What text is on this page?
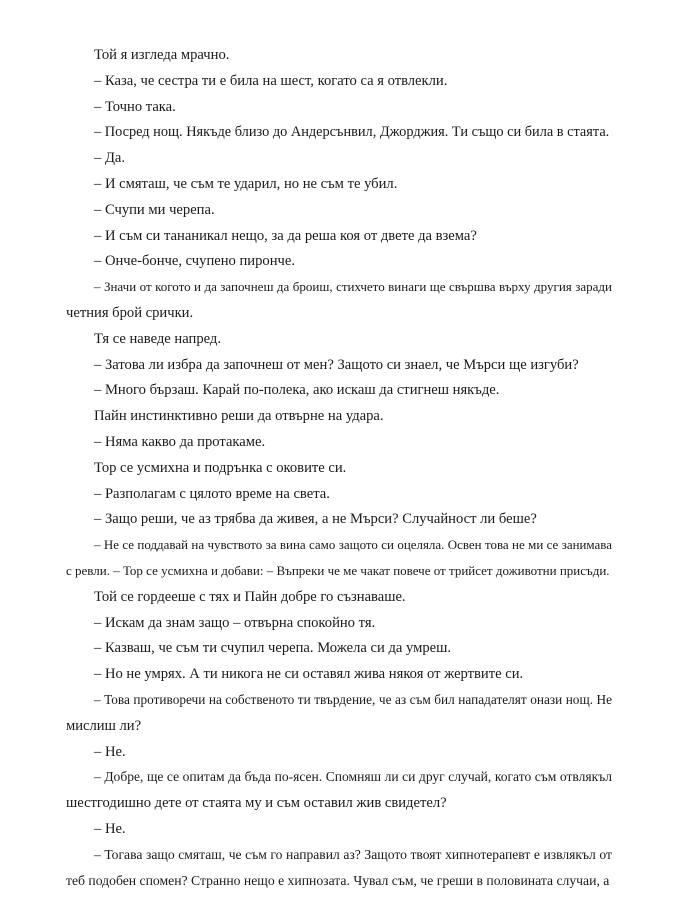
Той я изгледа мрачно.

– Каза, че сестра ти е била на шест, когато са я отвлекли.

– Точно така.

– Посред нощ. Някъде близо до Андерсънвил, Джорджия. Ти също си била в стаята.

– Да.

– И смяташ, че съм те ударил, но не съм те убил.

– Счупи ми черепа.

– И съм си тананикал нещо, за да реша коя от двете да взема?

– Онче-бонче, счупено пиронче.

– Значи от когото и да започнеш да броиш, стихчето винаги ще свършва върху другия заради

четния брой срички.

Тя се наведе напред.

– Затова ли избра да започнеш от мен? Защото си знаел, че Мърси ще изгуби?

– Много бързаш. Карай по-полека, ако искаш да стигнеш някъде.

Пайн инстинктивно реши да отвърне на удара.

– Няма какво да протакаме.

Тор се усмихна и подрънка с оковите си.

– Разполагам с цялото време на света.

– Защо реши, че аз трябва да живея, а не Мърси? Случайност ли беше?

– Не се поддавай на чувството за вина само защото си оцеляла. Освен това не ми се занимава

с ревли. – Тор се усмихна и добави: – Въпреки че ме чакат повече от трийсет доживотни присъди.

Той се гордееше с тях и Пайн добре го съзнаваше.

– Искам да знам защо – отвърна спокойно тя.

– Казваш, че съм ти счупил черепа. Можела си да умреш.

– Но не умрях. А ти никога не си оставял жива някоя от жертвите си.

– Това противоречи на собственото ти твърдение, че аз съм бил нападателят онази нощ. Не

мислиш ли?

– Не.

– Добре, ще се опитам да бъда по-ясен. Спомняш ли си друг случай, когато съм отвлякъл

шестгодишно дете от стаята му и съм оставил жив свидетел?

– Не.

– Тогава защо смяташ, че съм го направил аз? Защото твоят хипнотерапевт е извлякъл от

теб подобен спомен? Странно нещо е хипнозата. Чувал съм, че греши в половината случаи, а
